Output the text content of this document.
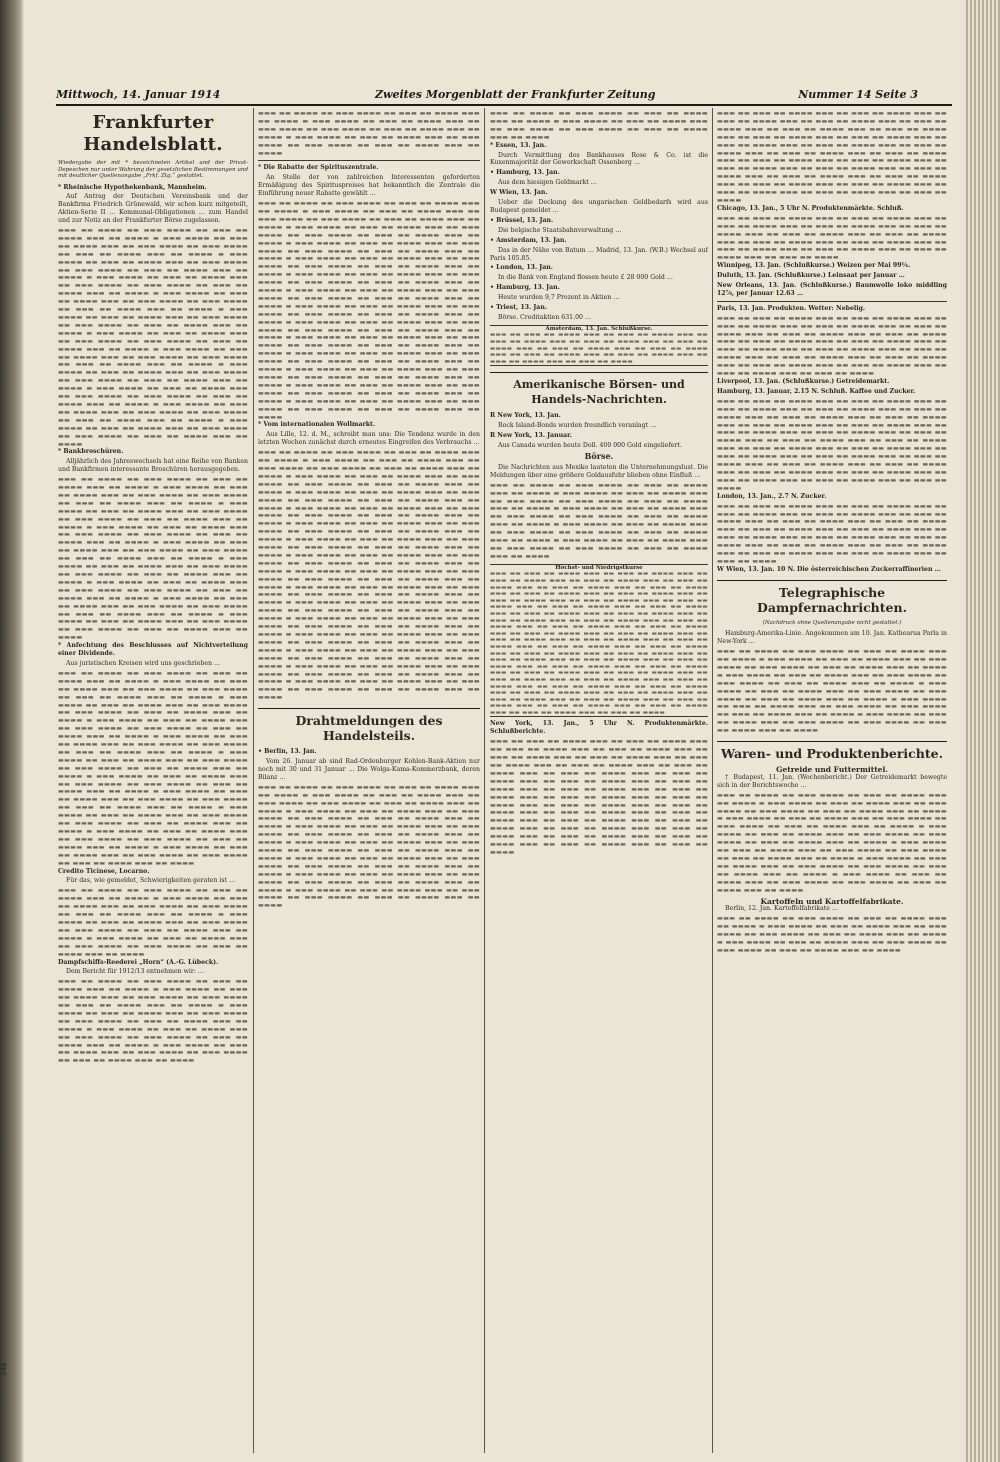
344
Mittwoch, 14. Januar 1914	Zweites Morgenblatt der Frankfurter Zeitung	Nummer 14 Seite 3
Frankfurter Handelsblatt.
Wiedergabe der mit * bezeichneten Artikel und der Privat-Depeschen nur unter Wahrung der gesetzlichen Bestimmungen und mit deutlicher Quellenangabe „Frkf. Ztg.“ gestattet.

* Rheinische Hypothekenbank, Mannheim.

Auf Antrag der Deutschen Vereinsbank und der Bankfirma Friedrich Grünewald, wir schon kurz mitgeteilt, Aktien-Serie II … Kommunal-Obligationen … zum Handel und zur Notiz an der Frankfurter Börse zugelassen.

▬▬▬ ▬▬ ▬▬▬▬ ▬▬ ▬▬▬ ▬▬▬▬ ▬▬ ▬▬▬ ▬▬ ▬▬▬▬ ▬▬▬ ▬▬ ▬▬▬▬ ▬ ▬▬▬ ▬▬▬▬ ▬▬ ▬▬▬ ▬▬ ▬▬▬▬ ▬▬▬ ▬▬ ▬▬▬ ▬▬▬▬ ▬▬ ▬▬▬ ▬▬▬▬ ▬▬ ▬▬▬ ▬▬ ▬▬▬▬ ▬▬▬ ▬▬ ▬▬▬▬ ▬ ▬▬▬ ▬▬▬▬ ▬▬ ▬▬▬ ▬▬ ▬▬▬▬ ▬▬▬ ▬▬ ▬▬▬ ▬▬▬▬ ▬▬ ▬▬▬ ▬▬▬▬ ▬▬ ▬▬▬ ▬▬ ▬▬▬▬ ▬▬▬ ▬▬ ▬▬▬▬ ▬ ▬▬▬ ▬▬▬▬ ▬▬ ▬▬▬ ▬▬ ▬▬▬▬ ▬▬▬ ▬▬ ▬▬▬ ▬▬▬▬ ▬▬ ▬▬▬ ▬▬▬▬ ▬▬ ▬▬▬ ▬▬ ▬▬▬▬ ▬▬▬ ▬▬ ▬▬▬▬ ▬ ▬▬▬ ▬▬▬▬ ▬▬ ▬▬▬ ▬▬ ▬▬▬▬ ▬▬▬ ▬▬ ▬▬▬ ▬▬▬▬ ▬▬ ▬▬▬ ▬▬▬▬ ▬▬ ▬▬▬ ▬▬ ▬▬▬▬ ▬▬▬ ▬▬ ▬▬▬▬ ▬ ▬▬▬ ▬▬▬▬ ▬▬ ▬▬▬ ▬▬ ▬▬▬▬ ▬▬▬ ▬▬ ▬▬▬ ▬▬▬▬ ▬▬ ▬▬▬ ▬▬▬▬ ▬▬ ▬▬▬ ▬▬ ▬▬▬▬ ▬▬▬ ▬▬ ▬▬▬▬ ▬ ▬▬▬ ▬▬▬▬ ▬▬ ▬▬▬ ▬▬ ▬▬▬▬ ▬▬▬ ▬▬ ▬▬▬ ▬▬▬▬ ▬▬ ▬▬▬ ▬▬▬▬ ▬▬ ▬▬▬ ▬▬ ▬▬▬▬ ▬▬▬ ▬▬ ▬▬▬▬ ▬ ▬▬▬ ▬▬▬▬ ▬▬ ▬▬▬ ▬▬ ▬▬▬▬ ▬▬▬ ▬▬ ▬▬▬ ▬▬▬▬ ▬▬ ▬▬▬ ▬▬▬▬ ▬▬ ▬▬▬ ▬▬ ▬▬▬▬ ▬▬▬ ▬▬ ▬▬▬▬ ▬ ▬▬▬ ▬▬▬▬ ▬▬ ▬▬▬ ▬▬ ▬▬▬▬ ▬▬▬ ▬▬ ▬▬▬ ▬▬▬▬ ▬▬ ▬▬▬ ▬▬▬▬ ▬▬ ▬▬▬ ▬▬ ▬▬▬▬ ▬▬▬ ▬▬ ▬▬▬▬ ▬ ▬▬▬ ▬▬▬▬ ▬▬ ▬▬▬ ▬▬ ▬▬▬▬ ▬▬▬ ▬▬ ▬▬▬ ▬▬▬▬ ▬▬ ▬▬▬ ▬▬▬▬ ▬▬ ▬▬▬ ▬▬ ▬▬▬▬ ▬▬▬ ▬▬ ▬▬▬▬ ▬ ▬▬▬ ▬▬▬▬ ▬▬ ▬▬▬ ▬▬ ▬▬▬▬ ▬▬▬ ▬▬ ▬▬▬ ▬▬▬▬ ▬▬ ▬▬▬ ▬▬▬▬ ▬▬ ▬▬▬ ▬▬ ▬▬▬▬ ▬▬▬ ▬▬ ▬▬▬▬ ▬ ▬▬▬ ▬▬▬▬ ▬▬ ▬▬▬ ▬▬ ▬▬▬▬ ▬▬▬ ▬▬ ▬▬▬ ▬▬▬▬ ▬▬ ▬▬▬ ▬▬▬▬ ▬▬ ▬▬▬ ▬▬ ▬▬▬▬ ▬▬▬ ▬▬ ▬▬▬▬

* Bankbroschüren.

Alljährlich des Jahreswechsels hat eine Reihe von Banken und Bankfirmen interessante Broschüren herausgegeben.

▬▬▬ ▬▬ ▬▬▬▬ ▬▬ ▬▬▬ ▬▬▬▬ ▬▬ ▬▬▬ ▬▬ ▬▬▬▬ ▬▬▬ ▬▬ ▬▬▬▬ ▬ ▬▬▬ ▬▬▬▬ ▬▬ ▬▬▬ ▬▬ ▬▬▬▬ ▬▬▬ ▬▬ ▬▬▬ ▬▬▬▬ ▬▬ ▬▬▬ ▬▬▬▬ ▬▬ ▬▬▬ ▬▬ ▬▬▬▬ ▬▬▬ ▬▬ ▬▬▬▬ ▬ ▬▬▬ ▬▬▬▬ ▬▬ ▬▬▬ ▬▬ ▬▬▬▬ ▬▬▬ ▬▬ ▬▬▬ ▬▬▬▬ ▬▬ ▬▬▬ ▬▬▬▬ ▬▬ ▬▬▬ ▬▬ ▬▬▬▬ ▬▬▬ ▬▬ ▬▬▬▬ ▬ ▬▬▬ ▬▬▬▬ ▬▬ ▬▬▬ ▬▬ ▬▬▬▬ ▬▬▬ ▬▬ ▬▬▬ ▬▬▬▬ ▬▬ ▬▬▬ ▬▬▬▬ ▬▬ ▬▬▬ ▬▬ ▬▬▬▬ ▬▬▬ ▬▬ ▬▬▬▬ ▬ ▬▬▬ ▬▬▬▬ ▬▬ ▬▬▬ ▬▬ ▬▬▬▬ ▬▬▬ ▬▬ ▬▬▬ ▬▬▬▬ ▬▬ ▬▬▬ ▬▬▬▬ ▬▬ ▬▬▬ ▬▬ ▬▬▬▬ ▬▬▬ ▬▬ ▬▬▬▬ ▬ ▬▬▬ ▬▬▬▬ ▬▬ ▬▬▬ ▬▬ ▬▬▬▬ ▬▬▬ ▬▬ ▬▬▬ ▬▬▬▬ ▬▬ ▬▬▬ ▬▬▬▬ ▬▬ ▬▬▬ ▬▬ ▬▬▬▬ ▬▬▬ ▬▬ ▬▬▬▬ ▬ ▬▬▬ ▬▬▬▬ ▬▬ ▬▬▬ ▬▬ ▬▬▬▬ ▬▬▬ ▬▬ ▬▬▬ ▬▬▬▬ ▬▬ ▬▬▬ ▬▬▬▬ ▬▬ ▬▬▬ ▬▬ ▬▬▬▬ ▬▬▬ ▬▬ ▬▬▬▬ ▬ ▬▬▬ ▬▬▬▬ ▬▬ ▬▬▬ ▬▬ ▬▬▬▬ ▬▬▬ ▬▬ ▬▬▬ ▬▬▬▬ ▬▬ ▬▬▬ ▬▬▬▬ ▬▬ ▬▬▬ ▬▬ ▬▬▬▬ ▬▬▬ ▬▬ ▬▬▬▬ ▬ ▬▬▬ ▬▬▬▬ ▬▬ ▬▬▬ ▬▬ ▬▬▬▬ ▬▬▬ ▬▬ ▬▬▬ ▬▬▬▬ ▬▬ ▬▬▬ ▬▬▬▬ ▬▬ ▬▬▬ ▬▬ ▬▬▬▬ ▬▬▬ ▬▬ ▬▬▬▬

* Anfechtung des Beschlusses auf Nichtverteilung einer Dividende.

Aus juristischen Kreisen wird uns geschrieben …

▬▬▬ ▬▬ ▬▬▬▬ ▬▬ ▬▬▬ ▬▬▬▬ ▬▬ ▬▬▬ ▬▬ ▬▬▬▬ ▬▬▬ ▬▬ ▬▬▬▬ ▬ ▬▬▬ ▬▬▬▬ ▬▬ ▬▬▬ ▬▬ ▬▬▬▬ ▬▬▬ ▬▬ ▬▬▬ ▬▬▬▬ ▬▬ ▬▬▬ ▬▬▬▬ ▬▬ ▬▬▬ ▬▬ ▬▬▬▬ ▬▬▬ ▬▬ ▬▬▬▬ ▬ ▬▬▬ ▬▬▬▬ ▬▬ ▬▬▬ ▬▬ ▬▬▬▬ ▬▬▬ ▬▬ ▬▬▬ ▬▬▬▬ ▬▬ ▬▬▬ ▬▬▬▬ ▬▬ ▬▬▬ ▬▬ ▬▬▬▬ ▬▬▬ ▬▬ ▬▬▬▬ ▬ ▬▬▬ ▬▬▬▬ ▬▬ ▬▬▬ ▬▬ ▬▬▬▬ ▬▬▬ ▬▬ ▬▬▬ ▬▬▬▬ ▬▬ ▬▬▬ ▬▬▬▬ ▬▬ ▬▬▬ ▬▬ ▬▬▬▬ ▬▬▬ ▬▬ ▬▬▬▬ ▬ ▬▬▬ ▬▬▬▬ ▬▬ ▬▬▬ ▬▬ ▬▬▬▬ ▬▬▬ ▬▬ ▬▬▬ ▬▬▬▬ ▬▬ ▬▬▬ ▬▬▬▬ ▬▬ ▬▬▬ ▬▬ ▬▬▬▬ ▬▬▬ ▬▬ ▬▬▬▬ ▬ ▬▬▬ ▬▬▬▬ ▬▬ ▬▬▬ ▬▬ ▬▬▬▬ ▬▬▬ ▬▬ ▬▬▬ ▬▬▬▬ ▬▬ ▬▬▬ ▬▬▬▬ ▬▬ ▬▬▬ ▬▬ ▬▬▬▬ ▬▬▬ ▬▬ ▬▬▬▬ ▬ ▬▬▬ ▬▬▬▬ ▬▬ ▬▬▬ ▬▬ ▬▬▬▬ ▬▬▬ ▬▬ ▬▬▬ ▬▬▬▬ ▬▬ ▬▬▬ ▬▬▬▬ ▬▬ ▬▬▬ ▬▬ ▬▬▬▬ ▬▬▬ ▬▬ ▬▬▬▬ ▬ ▬▬▬ ▬▬▬▬ ▬▬ ▬▬▬ ▬▬ ▬▬▬▬ ▬▬▬ ▬▬ ▬▬▬ ▬▬▬▬ ▬▬ ▬▬▬ ▬▬▬▬ ▬▬ ▬▬▬ ▬▬ ▬▬▬▬ ▬▬▬ ▬▬ ▬▬▬▬ ▬ ▬▬▬ ▬▬▬▬ ▬▬ ▬▬▬ ▬▬ ▬▬▬▬ ▬▬▬ ▬▬ ▬▬▬ ▬▬▬▬ ▬▬ ▬▬▬ ▬▬▬▬ ▬▬ ▬▬▬ ▬▬ ▬▬▬▬ ▬▬▬ ▬▬ ▬▬▬▬ ▬ ▬▬▬ ▬▬▬▬ ▬▬ ▬▬▬ ▬▬ ▬▬▬▬ ▬▬▬ ▬▬ ▬▬▬ ▬▬▬▬ ▬▬ ▬▬▬ ▬▬▬▬ ▬▬ ▬▬▬ ▬▬ ▬▬▬▬ ▬▬▬ ▬▬ ▬▬▬▬ ▬ ▬▬▬ ▬▬▬▬ ▬▬ ▬▬▬ ▬▬ ▬▬▬▬ ▬▬▬ ▬▬ ▬▬▬ ▬▬▬▬ ▬▬ ▬▬▬ ▬▬▬▬ ▬▬ ▬▬▬ ▬▬ ▬▬▬▬ ▬▬▬ ▬▬ ▬▬▬▬

Credito Ticinese, Locarno.

Für das, wie gemeldet, Schwierigkeiten geraten ist …

▬▬▬ ▬▬ ▬▬▬▬ ▬▬ ▬▬▬ ▬▬▬▬ ▬▬ ▬▬▬ ▬▬ ▬▬▬▬ ▬▬▬ ▬▬ ▬▬▬▬ ▬ ▬▬▬ ▬▬▬▬ ▬▬ ▬▬▬ ▬▬ ▬▬▬▬ ▬▬▬ ▬▬ ▬▬▬ ▬▬▬▬ ▬▬ ▬▬▬ ▬▬▬▬ ▬▬ ▬▬▬ ▬▬ ▬▬▬▬ ▬▬▬ ▬▬ ▬▬▬▬ ▬ ▬▬▬ ▬▬▬▬ ▬▬ ▬▬▬ ▬▬ ▬▬▬▬ ▬▬▬ ▬▬ ▬▬▬ ▬▬▬▬ ▬▬ ▬▬▬ ▬▬▬▬ ▬▬ ▬▬▬ ▬▬ ▬▬▬▬ ▬▬▬ ▬▬ ▬▬▬▬ ▬ ▬▬▬ ▬▬▬▬ ▬▬ ▬▬▬ ▬▬ ▬▬▬▬ ▬▬▬ ▬▬ ▬▬▬ ▬▬▬▬ ▬▬ ▬▬▬ ▬▬▬▬ ▬▬ ▬▬▬ ▬▬ ▬▬▬▬ ▬▬▬ ▬▬ ▬▬▬▬

Dampfschiffs-Reederei „Horn“ (A.-G. Lübeck).

Dem Bericht für 1912/13 entnehmen wir: …

▬▬▬ ▬▬ ▬▬▬▬ ▬▬ ▬▬▬ ▬▬▬▬ ▬▬ ▬▬▬ ▬▬ ▬▬▬▬ ▬▬▬ ▬▬ ▬▬▬▬ ▬ ▬▬▬ ▬▬▬▬ ▬▬ ▬▬▬ ▬▬ ▬▬▬▬ ▬▬▬ ▬▬ ▬▬▬ ▬▬▬▬ ▬▬ ▬▬▬ ▬▬▬▬ ▬▬ ▬▬▬ ▬▬ ▬▬▬▬ ▬▬▬ ▬▬ ▬▬▬▬ ▬ ▬▬▬ ▬▬▬▬ ▬▬ ▬▬▬ ▬▬ ▬▬▬▬ ▬▬▬ ▬▬ ▬▬▬ ▬▬▬▬ ▬▬ ▬▬▬ ▬▬▬▬ ▬▬ ▬▬▬ ▬▬ ▬▬▬▬ ▬▬▬ ▬▬ ▬▬▬▬ ▬ ▬▬▬ ▬▬▬▬ ▬▬ ▬▬▬ ▬▬ ▬▬▬▬ ▬▬▬ ▬▬ ▬▬▬ ▬▬▬▬ ▬▬ ▬▬▬ ▬▬▬▬ ▬▬ ▬▬▬ ▬▬ ▬▬▬▬ ▬▬▬ ▬▬ ▬▬▬▬ ▬ ▬▬▬ ▬▬▬▬ ▬▬ ▬▬▬ ▬▬ ▬▬▬▬ ▬▬▬ ▬▬ ▬▬▬ ▬▬▬▬ ▬▬ ▬▬▬ ▬▬▬▬ ▬▬ ▬▬▬ ▬▬ ▬▬▬▬ ▬▬▬ ▬▬ ▬▬▬▬
▬▬▬ ▬▬ ▬▬▬▬ ▬▬ ▬▬▬ ▬▬▬▬ ▬▬ ▬▬▬ ▬▬ ▬▬▬▬ ▬▬▬ ▬▬ ▬▬▬▬ ▬ ▬▬▬ ▬▬▬▬ ▬▬ ▬▬▬ ▬▬ ▬▬▬▬ ▬▬▬ ▬▬ ▬▬▬ ▬▬▬▬ ▬▬ ▬▬▬ ▬▬▬▬ ▬▬ ▬▬▬ ▬▬ ▬▬▬▬ ▬▬▬ ▬▬ ▬▬▬▬ ▬ ▬▬▬ ▬▬▬▬ ▬▬ ▬▬▬ ▬▬ ▬▬▬▬ ▬▬▬ ▬▬ ▬▬▬ ▬▬▬▬ ▬▬ ▬▬▬ ▬▬▬▬ ▬▬ ▬▬▬ ▬▬ ▬▬▬▬ ▬▬▬ ▬▬ ▬▬▬▬

* Die Rabatte der Spirituszentrale.

An Stelle der von zahlreichen Interessenten geforderten Ermäßigung des Spirituspreises hat bekanntlich die Zentrale die Einführung neuer Rabatte gewählt …

▬▬▬ ▬▬ ▬▬▬▬ ▬▬ ▬▬▬ ▬▬▬▬ ▬▬ ▬▬▬ ▬▬ ▬▬▬▬ ▬▬▬ ▬▬ ▬▬▬▬ ▬ ▬▬▬ ▬▬▬▬ ▬▬ ▬▬▬ ▬▬ ▬▬▬▬ ▬▬▬ ▬▬ ▬▬▬ ▬▬▬▬ ▬▬ ▬▬▬ ▬▬▬▬ ▬▬ ▬▬▬ ▬▬ ▬▬▬▬ ▬▬▬ ▬▬ ▬▬▬▬ ▬ ▬▬▬ ▬▬▬▬ ▬▬ ▬▬▬ ▬▬ ▬▬▬▬ ▬▬▬ ▬▬ ▬▬▬ ▬▬▬▬ ▬▬ ▬▬▬ ▬▬▬▬ ▬▬ ▬▬▬ ▬▬ ▬▬▬▬ ▬▬▬ ▬▬ ▬▬▬▬ ▬ ▬▬▬ ▬▬▬▬ ▬▬ ▬▬▬ ▬▬ ▬▬▬▬ ▬▬▬ ▬▬ ▬▬▬ ▬▬▬▬ ▬▬ ▬▬▬ ▬▬▬▬ ▬▬ ▬▬▬ ▬▬ ▬▬▬▬ ▬▬▬ ▬▬ ▬▬▬▬ ▬ ▬▬▬ ▬▬▬▬ ▬▬ ▬▬▬ ▬▬ ▬▬▬▬ ▬▬▬ ▬▬ ▬▬▬ ▬▬▬▬ ▬▬ ▬▬▬ ▬▬▬▬ ▬▬ ▬▬▬ ▬▬ ▬▬▬▬ ▬▬▬ ▬▬ ▬▬▬▬ ▬ ▬▬▬ ▬▬▬▬ ▬▬ ▬▬▬ ▬▬ ▬▬▬▬ ▬▬▬ ▬▬ ▬▬▬ ▬▬▬▬ ▬▬ ▬▬▬ ▬▬▬▬ ▬▬ ▬▬▬ ▬▬ ▬▬▬▬ ▬▬▬ ▬▬ ▬▬▬▬ ▬ ▬▬▬ ▬▬▬▬ ▬▬ ▬▬▬ ▬▬ ▬▬▬▬ ▬▬▬ ▬▬ ▬▬▬ ▬▬▬▬ ▬▬ ▬▬▬ ▬▬▬▬ ▬▬ ▬▬▬ ▬▬ ▬▬▬▬ ▬▬▬ ▬▬ ▬▬▬▬ ▬ ▬▬▬ ▬▬▬▬ ▬▬ ▬▬▬ ▬▬ ▬▬▬▬ ▬▬▬ ▬▬ ▬▬▬ ▬▬▬▬ ▬▬ ▬▬▬ ▬▬▬▬ ▬▬ ▬▬▬ ▬▬ ▬▬▬▬ ▬▬▬ ▬▬ ▬▬▬▬ ▬ ▬▬▬ ▬▬▬▬ ▬▬ ▬▬▬ ▬▬ ▬▬▬▬ ▬▬▬ ▬▬ ▬▬▬ ▬▬▬▬ ▬▬ ▬▬▬ ▬▬▬▬ ▬▬ ▬▬▬ ▬▬ ▬▬▬▬ ▬▬▬ ▬▬ ▬▬▬▬ ▬ ▬▬▬ ▬▬▬▬ ▬▬ ▬▬▬ ▬▬ ▬▬▬▬ ▬▬▬ ▬▬ ▬▬▬ ▬▬▬▬ ▬▬ ▬▬▬ ▬▬▬▬ ▬▬ ▬▬▬ ▬▬ ▬▬▬▬ ▬▬▬ ▬▬ ▬▬▬▬ ▬ ▬▬▬ ▬▬▬▬ ▬▬ ▬▬▬ ▬▬ ▬▬▬▬ ▬▬▬ ▬▬ ▬▬▬ ▬▬▬▬ ▬▬ ▬▬▬ ▬▬▬▬ ▬▬ ▬▬▬ ▬▬ ▬▬▬▬ ▬▬▬ ▬▬ ▬▬▬▬ ▬ ▬▬▬ ▬▬▬▬ ▬▬ ▬▬▬ ▬▬ ▬▬▬▬ ▬▬▬ ▬▬ ▬▬▬ ▬▬▬▬ ▬▬ ▬▬▬ ▬▬▬▬ ▬▬ ▬▬▬ ▬▬ ▬▬▬▬ ▬▬▬ ▬▬ ▬▬▬▬ ▬ ▬▬▬ ▬▬▬▬ ▬▬ ▬▬▬ ▬▬ ▬▬▬▬ ▬▬▬ ▬▬ ▬▬▬ ▬▬▬▬ ▬▬ ▬▬▬ ▬▬▬▬ ▬▬ ▬▬▬ ▬▬ ▬▬▬▬ ▬▬▬ ▬▬ ▬▬▬▬ ▬ ▬▬▬ ▬▬▬▬ ▬▬ ▬▬▬ ▬▬ ▬▬▬▬ ▬▬▬ ▬▬ ▬▬▬ ▬▬▬▬ ▬▬ ▬▬▬ ▬▬▬▬ ▬▬ ▬▬▬ ▬▬ ▬▬▬▬ ▬▬▬ ▬▬ ▬▬▬▬

* Vom internationalen Wollmarkt.

Aus Lille, 12. d. M., schreibt man uns: Die Tendenz wurde in den letzten Wochen zunächst durch erneutes Eingreifen des Verbrauchs …

▬▬▬ ▬▬ ▬▬▬▬ ▬▬ ▬▬▬ ▬▬▬▬ ▬▬ ▬▬▬ ▬▬ ▬▬▬▬ ▬▬▬ ▬▬ ▬▬▬▬ ▬ ▬▬▬ ▬▬▬▬ ▬▬ ▬▬▬ ▬▬ ▬▬▬▬ ▬▬▬ ▬▬ ▬▬▬ ▬▬▬▬ ▬▬ ▬▬▬ ▬▬▬▬ ▬▬ ▬▬▬ ▬▬ ▬▬▬▬ ▬▬▬ ▬▬ ▬▬▬▬ ▬ ▬▬▬ ▬▬▬▬ ▬▬ ▬▬▬ ▬▬ ▬▬▬▬ ▬▬▬ ▬▬ ▬▬▬ ▬▬▬▬ ▬▬ ▬▬▬ ▬▬▬▬ ▬▬ ▬▬▬ ▬▬ ▬▬▬▬ ▬▬▬ ▬▬ ▬▬▬▬ ▬ ▬▬▬ ▬▬▬▬ ▬▬ ▬▬▬ ▬▬ ▬▬▬▬ ▬▬▬ ▬▬ ▬▬▬ ▬▬▬▬ ▬▬ ▬▬▬ ▬▬▬▬ ▬▬ ▬▬▬ ▬▬ ▬▬▬▬ ▬▬▬ ▬▬ ▬▬▬▬ ▬ ▬▬▬ ▬▬▬▬ ▬▬ ▬▬▬ ▬▬ ▬▬▬▬ ▬▬▬ ▬▬ ▬▬▬ ▬▬▬▬ ▬▬ ▬▬▬ ▬▬▬▬ ▬▬ ▬▬▬ ▬▬ ▬▬▬▬ ▬▬▬ ▬▬ ▬▬▬▬ ▬ ▬▬▬ ▬▬▬▬ ▬▬ ▬▬▬ ▬▬ ▬▬▬▬ ▬▬▬ ▬▬ ▬▬▬ ▬▬▬▬ ▬▬ ▬▬▬ ▬▬▬▬ ▬▬ ▬▬▬ ▬▬ ▬▬▬▬ ▬▬▬ ▬▬ ▬▬▬▬ ▬ ▬▬▬ ▬▬▬▬ ▬▬ ▬▬▬ ▬▬ ▬▬▬▬ ▬▬▬ ▬▬ ▬▬▬ ▬▬▬▬ ▬▬ ▬▬▬ ▬▬▬▬ ▬▬ ▬▬▬ ▬▬ ▬▬▬▬ ▬▬▬ ▬▬ ▬▬▬▬ ▬ ▬▬▬ ▬▬▬▬ ▬▬ ▬▬▬ ▬▬ ▬▬▬▬ ▬▬▬ ▬▬ ▬▬▬ ▬▬▬▬ ▬▬ ▬▬▬ ▬▬▬▬ ▬▬ ▬▬▬ ▬▬ ▬▬▬▬ ▬▬▬ ▬▬ ▬▬▬▬ ▬ ▬▬▬ ▬▬▬▬ ▬▬ ▬▬▬ ▬▬ ▬▬▬▬ ▬▬▬ ▬▬ ▬▬▬ ▬▬▬▬ ▬▬ ▬▬▬ ▬▬▬▬ ▬▬ ▬▬▬ ▬▬ ▬▬▬▬ ▬▬▬ ▬▬ ▬▬▬▬ ▬ ▬▬▬ ▬▬▬▬ ▬▬ ▬▬▬ ▬▬ ▬▬▬▬ ▬▬▬ ▬▬ ▬▬▬ ▬▬▬▬ ▬▬ ▬▬▬ ▬▬▬▬ ▬▬ ▬▬▬ ▬▬ ▬▬▬▬ ▬▬▬ ▬▬ ▬▬▬▬ ▬ ▬▬▬ ▬▬▬▬ ▬▬ ▬▬▬ ▬▬ ▬▬▬▬ ▬▬▬ ▬▬ ▬▬▬ ▬▬▬▬ ▬▬ ▬▬▬ ▬▬▬▬ ▬▬ ▬▬▬ ▬▬ ▬▬▬▬ ▬▬▬ ▬▬ ▬▬▬▬ ▬ ▬▬▬ ▬▬▬▬ ▬▬ ▬▬▬ ▬▬ ▬▬▬▬ ▬▬▬ ▬▬ ▬▬▬ ▬▬▬▬ ▬▬ ▬▬▬ ▬▬▬▬ ▬▬ ▬▬▬ ▬▬ ▬▬▬▬ ▬▬▬ ▬▬ ▬▬▬▬ ▬ ▬▬▬ ▬▬▬▬ ▬▬ ▬▬▬ ▬▬ ▬▬▬▬ ▬▬▬ ▬▬ ▬▬▬ ▬▬▬▬ ▬▬ ▬▬▬ ▬▬▬▬ ▬▬ ▬▬▬ ▬▬ ▬▬▬▬ ▬▬▬ ▬▬ ▬▬▬▬ ▬ ▬▬▬ ▬▬▬▬ ▬▬ ▬▬▬ ▬▬ ▬▬▬▬ ▬▬▬ ▬▬ ▬▬▬ ▬▬▬▬ ▬▬ ▬▬▬ ▬▬▬▬ ▬▬ ▬▬▬ ▬▬ ▬▬▬▬ ▬▬▬ ▬▬ ▬▬▬▬ ▬ ▬▬▬ ▬▬▬▬ ▬▬ ▬▬▬ ▬▬ ▬▬▬▬ ▬▬▬ ▬▬ ▬▬▬ ▬▬▬▬ ▬▬ ▬▬▬ ▬▬▬▬ ▬▬ ▬▬▬ ▬▬ ▬▬▬▬ ▬▬▬ ▬▬ ▬▬▬▬ ▬ ▬▬▬ ▬▬▬▬ ▬▬ ▬▬▬ ▬▬ ▬▬▬▬ ▬▬▬ ▬▬ ▬▬▬ ▬▬▬▬ ▬▬ ▬▬▬ ▬▬▬▬ ▬▬ ▬▬▬ ▬▬ ▬▬▬▬ ▬▬▬ ▬▬ ▬▬▬▬
Drahtmeldungen des Handelsteils.

• Berlin, 13. Jan.

Vom 26. Januar ab sind Rad-Ordenburger Kohlen-Bank-Aktien nur noch mit 30 und 31 Januar … Die Wolga-Kama-Kommerzbank, deren Bilanz …

▬▬▬ ▬▬ ▬▬▬▬ ▬▬ ▬▬▬ ▬▬▬▬ ▬▬ ▬▬▬ ▬▬ ▬▬▬▬ ▬▬▬ ▬▬ ▬▬▬▬ ▬ ▬▬▬ ▬▬▬▬ ▬▬ ▬▬▬ ▬▬ ▬▬▬▬ ▬▬▬ ▬▬ ▬▬▬ ▬▬▬▬ ▬▬ ▬▬▬ ▬▬▬▬ ▬▬ ▬▬▬ ▬▬ ▬▬▬▬ ▬▬▬ ▬▬ ▬▬▬▬ ▬ ▬▬▬ ▬▬▬▬ ▬▬ ▬▬▬ ▬▬ ▬▬▬▬ ▬▬▬ ▬▬ ▬▬▬ ▬▬▬▬ ▬▬ ▬▬▬ ▬▬▬▬ ▬▬ ▬▬▬ ▬▬ ▬▬▬▬ ▬▬▬ ▬▬ ▬▬▬▬ ▬ ▬▬▬ ▬▬▬▬ ▬▬ ▬▬▬ ▬▬ ▬▬▬▬ ▬▬▬ ▬▬ ▬▬▬ ▬▬▬▬ ▬▬ ▬▬▬ ▬▬▬▬ ▬▬ ▬▬▬ ▬▬ ▬▬▬▬ ▬▬▬ ▬▬ ▬▬▬▬ ▬ ▬▬▬ ▬▬▬▬ ▬▬ ▬▬▬ ▬▬ ▬▬▬▬ ▬▬▬ ▬▬ ▬▬▬ ▬▬▬▬ ▬▬ ▬▬▬ ▬▬▬▬ ▬▬ ▬▬▬ ▬▬ ▬▬▬▬ ▬▬▬ ▬▬ ▬▬▬▬ ▬ ▬▬▬ ▬▬▬▬ ▬▬ ▬▬▬ ▬▬ ▬▬▬▬ ▬▬▬ ▬▬ ▬▬▬ ▬▬▬▬ ▬▬ ▬▬▬ ▬▬▬▬ ▬▬ ▬▬▬ ▬▬ ▬▬▬▬ ▬▬▬ ▬▬ ▬▬▬▬ ▬ ▬▬▬ ▬▬▬▬ ▬▬ ▬▬▬ ▬▬ ▬▬▬▬ ▬▬▬ ▬▬ ▬▬▬ ▬▬▬▬ ▬▬ ▬▬▬ ▬▬▬▬ ▬▬ ▬▬▬ ▬▬ ▬▬▬▬ ▬▬▬ ▬▬ ▬▬▬▬ ▬ ▬▬▬ ▬▬▬▬ ▬▬ ▬▬▬ ▬▬ ▬▬▬▬ ▬▬▬ ▬▬ ▬▬▬ ▬▬▬▬ ▬▬ ▬▬▬ ▬▬▬▬ ▬▬ ▬▬▬ ▬▬ ▬▬▬▬ ▬▬▬ ▬▬ ▬▬▬▬
▬▬▬ ▬▬ ▬▬▬▬ ▬▬ ▬▬▬ ▬▬▬▬ ▬▬ ▬▬▬ ▬▬ ▬▬▬▬ ▬▬▬ ▬▬ ▬▬▬▬ ▬ ▬▬▬ ▬▬▬▬ ▬▬ ▬▬▬ ▬▬ ▬▬▬▬ ▬▬▬ ▬▬ ▬▬▬ ▬▬▬▬ ▬▬ ▬▬▬ ▬▬▬▬ ▬▬ ▬▬▬ ▬▬ ▬▬▬▬ ▬▬▬ ▬▬ ▬▬▬▬

* Essen, 13. Jan.

Durch Vermittlung des Bankhauses Rose & Co. ist die Kuxenmajorität der Gewerkschaft Ossenberg …

• Hamburg, 13. Jan.

Aus dem hiesigen Geldmarkt …

W Wien, 13. Jan.

Ueber die Deckung des ungarischen Geldbedarfs wird aus Budapest gemeldet …

• Brüssel, 13. Jan.

Die belgische Staatsbahnverwaltung …

• Amsterdam, 13. Jan.

Das in der Nähe von Batum … Madrid, 13. Jan. (W.B.) Wechsel auf Paris 105.85.

• London, 13. Jan.

In die Bank von England flossen heute £ 28 000 Gold …

• Hamburg, 13. Jan.

Heute wurden 9,7 Prozent in Aktien …

• Triest, 13. Jan.

Börse. Creditaktien 631.00 …

Amsterdam, 13. Jan. Schlußkurse.
▬▬▬ ▬▬ ▬▬▬ ▬▬ ▬▬▬▬ ▬▬▬ ▬▬ ▬▬▬ ▬▬ ▬▬▬▬ ▬▬▬ ▬▬ ▬▬▬ ▬▬ ▬▬▬▬ ▬▬▬ ▬▬ ▬▬▬ ▬▬ ▬▬▬▬ ▬▬▬ ▬▬ ▬▬▬ ▬▬ ▬▬▬▬ ▬▬▬ ▬▬ ▬▬▬ ▬▬ ▬▬▬▬ ▬▬▬ ▬▬ ▬▬▬ ▬▬ ▬▬▬▬ ▬▬▬ ▬▬ ▬▬▬ ▬▬ ▬▬▬▬ ▬▬▬ ▬▬ ▬▬▬ ▬▬ ▬▬▬▬ ▬▬▬ ▬▬ ▬▬▬ ▬▬ ▬▬▬▬ ▬▬▬ ▬▬ ▬▬▬ ▬▬ ▬▬▬▬
Amerikanische Börsen- und Handels-Nachrichten.

R New York, 13. Jan.

Rock Island-Bonds wurden freundlich veranlagt …

R New York, 13. Januar.

Aus Canada wurden heute Doll. 400 000 Gold eingeliefert.

Börse.

Die Nachrichten aus Mexiko lauteten die Unternehmungslust. Die Meldungen über eine größere Goldausfuhr blieben ohne Einfluß …

▬▬▬ ▬▬ ▬▬▬▬ ▬▬ ▬▬▬ ▬▬▬▬ ▬▬ ▬▬▬ ▬▬ ▬▬▬▬ ▬▬▬ ▬▬ ▬▬▬▬ ▬ ▬▬▬ ▬▬▬▬ ▬▬ ▬▬▬ ▬▬ ▬▬▬▬ ▬▬▬ ▬▬ ▬▬▬ ▬▬▬▬ ▬▬ ▬▬▬ ▬▬▬▬ ▬▬ ▬▬▬ ▬▬ ▬▬▬▬ ▬▬▬ ▬▬ ▬▬▬▬ ▬ ▬▬▬ ▬▬▬▬ ▬▬ ▬▬▬ ▬▬ ▬▬▬▬ ▬▬▬ ▬▬ ▬▬▬ ▬▬▬▬ ▬▬ ▬▬▬ ▬▬▬▬ ▬▬ ▬▬▬ ▬▬ ▬▬▬▬ ▬▬▬ ▬▬ ▬▬▬▬ ▬ ▬▬▬ ▬▬▬▬ ▬▬ ▬▬▬ ▬▬ ▬▬▬▬ ▬▬▬ ▬▬ ▬▬▬ ▬▬▬▬ ▬▬ ▬▬▬ ▬▬▬▬ ▬▬ ▬▬▬ ▬▬ ▬▬▬▬ ▬▬▬ ▬▬ ▬▬▬▬ ▬ ▬▬▬ ▬▬▬▬ ▬▬ ▬▬▬ ▬▬ ▬▬▬▬ ▬▬▬ ▬▬ ▬▬▬ ▬▬▬▬ ▬▬ ▬▬▬ ▬▬▬▬ ▬▬ ▬▬▬ ▬▬ ▬▬▬▬ ▬▬▬ ▬▬ ▬▬▬▬
Höchst- und Niedrigstkurse
▬▬▬ ▬▬ ▬▬▬ ▬▬ ▬▬▬▬ ▬▬▬ ▬▬ ▬▬▬ ▬▬ ▬▬▬▬ ▬▬▬ ▬▬ ▬▬▬ ▬▬ ▬▬▬▬ ▬▬▬ ▬▬ ▬▬▬ ▬▬ ▬▬▬▬ ▬▬▬ ▬▬ ▬▬▬ ▬▬ ▬▬▬▬ ▬▬▬ ▬▬ ▬▬▬ ▬▬ ▬▬▬▬ ▬▬▬ ▬▬ ▬▬▬ ▬▬ ▬▬▬▬ ▬▬▬ ▬▬ ▬▬▬ ▬▬ ▬▬▬▬ ▬▬▬ ▬▬ ▬▬▬ ▬▬ ▬▬▬▬ ▬▬▬ ▬▬ ▬▬▬ ▬▬ ▬▬▬▬ ▬▬▬ ▬▬ ▬▬▬ ▬▬ ▬▬▬▬ ▬▬▬ ▬▬ ▬▬▬ ▬▬ ▬▬▬▬ ▬▬▬ ▬▬ ▬▬▬ ▬▬ ▬▬▬▬ ▬▬▬ ▬▬ ▬▬▬ ▬▬ ▬▬▬▬ ▬▬▬ ▬▬ ▬▬▬ ▬▬ ▬▬▬▬ ▬▬▬ ▬▬ ▬▬▬ ▬▬ ▬▬▬▬ ▬▬▬ ▬▬ ▬▬▬ ▬▬ ▬▬▬▬ ▬▬▬ ▬▬ ▬▬▬ ▬▬ ▬▬▬▬ ▬▬▬ ▬▬ ▬▬▬ ▬▬ ▬▬▬▬ ▬▬▬ ▬▬ ▬▬▬ ▬▬ ▬▬▬▬ ▬▬▬ ▬▬ ▬▬▬ ▬▬ ▬▬▬▬ ▬▬▬ ▬▬ ▬▬▬ ▬▬ ▬▬▬▬ ▬▬▬ ▬▬ ▬▬▬ ▬▬ ▬▬▬▬ ▬▬▬ ▬▬ ▬▬▬ ▬▬ ▬▬▬▬ ▬▬▬ ▬▬ ▬▬▬ ▬▬ ▬▬▬▬ ▬▬▬ ▬▬ ▬▬▬ ▬▬ ▬▬▬▬ ▬▬▬ ▬▬ ▬▬▬ ▬▬ ▬▬▬▬ ▬▬▬ ▬▬ ▬▬▬ ▬▬ ▬▬▬▬ ▬▬▬ ▬▬ ▬▬▬ ▬▬ ▬▬▬▬ ▬▬▬ ▬▬ ▬▬▬ ▬▬ ▬▬▬▬ ▬▬▬ ▬▬ ▬▬▬ ▬▬ ▬▬▬▬ ▬▬▬ ▬▬ ▬▬▬ ▬▬ ▬▬▬▬ ▬▬▬ ▬▬ ▬▬▬ ▬▬ ▬▬▬▬ ▬▬▬ ▬▬ ▬▬▬ ▬▬ ▬▬▬▬ ▬▬▬ ▬▬ ▬▬▬ ▬▬ ▬▬▬▬ ▬▬▬ ▬▬ ▬▬▬ ▬▬ ▬▬▬▬ ▬▬▬ ▬▬ ▬▬▬ ▬▬ ▬▬▬▬ ▬▬▬ ▬▬ ▬▬▬ ▬▬ ▬▬▬▬ ▬▬▬ ▬▬ ▬▬▬ ▬▬ ▬▬▬▬ ▬▬▬ ▬▬ ▬▬▬ ▬▬ ▬▬▬▬ ▬▬▬ ▬▬ ▬▬▬ ▬▬ ▬▬▬▬ ▬▬▬ ▬▬ ▬▬▬ ▬▬ ▬▬▬▬ ▬▬▬ ▬▬ ▬▬▬ ▬▬ ▬▬▬▬ ▬▬▬ ▬▬ ▬▬▬ ▬▬ ▬▬▬▬ ▬▬▬ ▬▬ ▬▬▬ ▬▬ ▬▬▬▬ ▬▬▬ ▬▬ ▬▬▬ ▬▬ ▬▬▬▬ ▬▬▬ ▬▬ ▬▬▬ ▬▬ ▬▬▬▬ ▬▬▬ ▬▬ ▬▬▬ ▬▬ ▬▬▬▬ ▬▬▬ ▬▬ ▬▬▬ ▬▬ ▬▬▬▬ ▬▬▬ ▬▬ ▬▬▬ ▬▬ ▬▬▬▬ ▬▬▬ ▬▬ ▬▬▬ ▬▬ ▬▬▬▬

New York, 13. Jan., 5 Uhr N. Produktenmärkte. Schlußberichte.

▬▬▬ ▬▬ ▬▬▬ ▬▬ ▬▬▬▬ ▬▬▬ ▬▬ ▬▬▬ ▬▬ ▬▬▬▬ ▬▬▬ ▬▬ ▬▬▬ ▬▬ ▬▬▬▬ ▬▬▬ ▬▬ ▬▬▬ ▬▬ ▬▬▬▬ ▬▬▬ ▬▬ ▬▬▬ ▬▬ ▬▬▬▬ ▬▬▬ ▬▬ ▬▬▬ ▬▬ ▬▬▬▬ ▬▬▬ ▬▬ ▬▬▬ ▬▬ ▬▬▬▬ ▬▬▬ ▬▬ ▬▬▬ ▬▬ ▬▬▬▬ ▬▬▬ ▬▬ ▬▬▬ ▬▬ ▬▬▬▬ ▬▬▬ ▬▬ ▬▬▬ ▬▬ ▬▬▬▬ ▬▬▬ ▬▬ ▬▬▬ ▬▬ ▬▬▬▬ ▬▬▬ ▬▬ ▬▬▬ ▬▬ ▬▬▬▬ ▬▬▬ ▬▬ ▬▬▬ ▬▬ ▬▬▬▬ ▬▬▬ ▬▬ ▬▬▬ ▬▬ ▬▬▬▬ ▬▬▬ ▬▬ ▬▬▬ ▬▬ ▬▬▬▬ ▬▬▬ ▬▬ ▬▬▬ ▬▬ ▬▬▬▬ ▬▬▬ ▬▬ ▬▬▬ ▬▬ ▬▬▬▬ ▬▬▬ ▬▬ ▬▬▬ ▬▬ ▬▬▬▬ ▬▬▬ ▬▬ ▬▬▬ ▬▬ ▬▬▬▬ ▬▬▬ ▬▬ ▬▬▬ ▬▬ ▬▬▬▬ ▬▬▬ ▬▬ ▬▬▬ ▬▬ ▬▬▬▬ ▬▬▬ ▬▬ ▬▬▬ ▬▬ ▬▬▬▬ ▬▬▬ ▬▬ ▬▬▬ ▬▬ ▬▬▬▬ ▬▬▬ ▬▬ ▬▬▬ ▬▬ ▬▬▬▬ ▬▬▬ ▬▬ ▬▬▬ ▬▬ ▬▬▬▬ ▬▬▬ ▬▬ ▬▬▬ ▬▬ ▬▬▬▬ ▬▬▬ ▬▬ ▬▬▬ ▬▬ ▬▬▬▬ ▬▬▬ ▬▬ ▬▬▬ ▬▬ ▬▬▬▬ ▬▬▬ ▬▬ ▬▬▬ ▬▬ ▬▬▬▬
▬▬▬ ▬▬ ▬▬▬ ▬▬ ▬▬▬▬ ▬▬▬ ▬▬ ▬▬▬ ▬▬ ▬▬▬▬ ▬▬▬ ▬▬ ▬▬▬ ▬▬ ▬▬▬▬ ▬▬▬ ▬▬ ▬▬▬ ▬▬ ▬▬▬▬ ▬▬▬ ▬▬ ▬▬▬ ▬▬ ▬▬▬▬ ▬▬▬ ▬▬ ▬▬▬ ▬▬ ▬▬▬▬ ▬▬▬ ▬▬ ▬▬▬ ▬▬ ▬▬▬▬ ▬▬▬ ▬▬ ▬▬▬ ▬▬ ▬▬▬▬ ▬▬▬ ▬▬ ▬▬▬ ▬▬ ▬▬▬▬ ▬▬▬ ▬▬ ▬▬▬ ▬▬ ▬▬▬▬ ▬▬▬ ▬▬ ▬▬▬ ▬▬ ▬▬▬▬ ▬▬▬ ▬▬ ▬▬▬ ▬▬ ▬▬▬▬ ▬▬▬ ▬▬ ▬▬▬ ▬▬ ▬▬▬▬ ▬▬▬ ▬▬ ▬▬▬ ▬▬ ▬▬▬▬ ▬▬▬ ▬▬ ▬▬▬ ▬▬ ▬▬▬▬ ▬▬▬ ▬▬ ▬▬▬ ▬▬ ▬▬▬▬ ▬▬▬ ▬▬ ▬▬▬ ▬▬ ▬▬▬▬ ▬▬▬ ▬▬ ▬▬▬ ▬▬ ▬▬▬▬ ▬▬▬ ▬▬ ▬▬▬ ▬▬ ▬▬▬▬ ▬▬▬ ▬▬ ▬▬▬ ▬▬ ▬▬▬▬ ▬▬▬ ▬▬ ▬▬▬ ▬▬ ▬▬▬▬ ▬▬▬ ▬▬ ▬▬▬ ▬▬ ▬▬▬▬ ▬▬▬ ▬▬ ▬▬▬ ▬▬ ▬▬▬▬ ▬▬▬ ▬▬ ▬▬▬ ▬▬ ▬▬▬▬ ▬▬▬ ▬▬ ▬▬▬ ▬▬ ▬▬▬▬ ▬▬▬ ▬▬ ▬▬▬ ▬▬ ▬▬▬▬

Chicago, 13. Jan., 5 Uhr N. Produktenmärkte. Schluß.

▬▬▬ ▬▬ ▬▬▬ ▬▬ ▬▬▬▬ ▬▬▬ ▬▬ ▬▬▬ ▬▬ ▬▬▬▬ ▬▬▬ ▬▬ ▬▬▬ ▬▬ ▬▬▬▬ ▬▬▬ ▬▬ ▬▬▬ ▬▬ ▬▬▬▬ ▬▬▬ ▬▬ ▬▬▬ ▬▬ ▬▬▬▬ ▬▬▬ ▬▬ ▬▬▬ ▬▬ ▬▬▬▬ ▬▬▬ ▬▬ ▬▬▬ ▬▬ ▬▬▬▬ ▬▬▬ ▬▬ ▬▬▬ ▬▬ ▬▬▬▬ ▬▬▬ ▬▬ ▬▬▬ ▬▬ ▬▬▬▬ ▬▬▬ ▬▬ ▬▬▬ ▬▬ ▬▬▬▬ ▬▬▬ ▬▬ ▬▬▬ ▬▬ ▬▬▬▬ ▬▬▬ ▬▬ ▬▬▬ ▬▬ ▬▬▬▬ ▬▬▬ ▬▬ ▬▬▬ ▬▬ ▬▬▬▬

Winnipeg, 13. Jan. (Schlußkurse.) Weizen per Mai 99¼.

Duluth, 13. Jan. (Schlußkurse.) Leinsaat per Januar …

New Orleans, 13. Jan. (Schlußkurse.) Baumwolle loko middling 12⅞, per Januar 12.63 …

Paris, 13. Jan. Produkten. Wetter: Nebelig.

▬▬▬ ▬▬ ▬▬▬ ▬▬ ▬▬▬▬ ▬▬▬ ▬▬ ▬▬▬ ▬▬ ▬▬▬▬ ▬▬▬ ▬▬ ▬▬▬ ▬▬ ▬▬▬▬ ▬▬▬ ▬▬ ▬▬▬ ▬▬ ▬▬▬▬ ▬▬▬ ▬▬ ▬▬▬ ▬▬ ▬▬▬▬ ▬▬▬ ▬▬ ▬▬▬ ▬▬ ▬▬▬▬ ▬▬▬ ▬▬ ▬▬▬ ▬▬ ▬▬▬▬ ▬▬▬ ▬▬ ▬▬▬ ▬▬ ▬▬▬▬ ▬▬▬ ▬▬ ▬▬▬ ▬▬ ▬▬▬▬ ▬▬▬ ▬▬ ▬▬▬ ▬▬ ▬▬▬▬ ▬▬▬ ▬▬ ▬▬▬ ▬▬ ▬▬▬▬ ▬▬▬ ▬▬ ▬▬▬ ▬▬ ▬▬▬▬ ▬▬▬ ▬▬ ▬▬▬ ▬▬ ▬▬▬▬ ▬▬▬ ▬▬ ▬▬▬ ▬▬ ▬▬▬▬ ▬▬▬ ▬▬ ▬▬▬ ▬▬ ▬▬▬▬ ▬▬▬ ▬▬ ▬▬▬ ▬▬ ▬▬▬▬ ▬▬▬ ▬▬ ▬▬▬ ▬▬ ▬▬▬▬ ▬▬▬ ▬▬ ▬▬▬ ▬▬ ▬▬▬▬

Liverpool, 13. Jan. (Schlußkurse.) Getreidemarkt.

Hamburg, 13. Januar, 2.15 N. Schluß. Kaffee und Zucker.

▬▬▬ ▬▬ ▬▬▬ ▬▬ ▬▬▬▬ ▬▬▬ ▬▬ ▬▬▬ ▬▬ ▬▬▬▬ ▬▬▬ ▬▬ ▬▬▬ ▬▬ ▬▬▬▬ ▬▬▬ ▬▬ ▬▬▬ ▬▬ ▬▬▬▬ ▬▬▬ ▬▬ ▬▬▬ ▬▬ ▬▬▬▬ ▬▬▬ ▬▬ ▬▬▬ ▬▬ ▬▬▬▬ ▬▬▬ ▬▬ ▬▬▬ ▬▬ ▬▬▬▬ ▬▬▬ ▬▬ ▬▬▬ ▬▬ ▬▬▬▬ ▬▬▬ ▬▬ ▬▬▬ ▬▬ ▬▬▬▬ ▬▬▬ ▬▬ ▬▬▬ ▬▬ ▬▬▬▬ ▬▬▬ ▬▬ ▬▬▬ ▬▬ ▬▬▬▬ ▬▬▬ ▬▬ ▬▬▬ ▬▬ ▬▬▬▬ ▬▬▬ ▬▬ ▬▬▬ ▬▬ ▬▬▬▬ ▬▬▬ ▬▬ ▬▬▬ ▬▬ ▬▬▬▬ ▬▬▬ ▬▬ ▬▬▬ ▬▬ ▬▬▬▬ ▬▬▬ ▬▬ ▬▬▬ ▬▬ ▬▬▬▬ ▬▬▬ ▬▬ ▬▬▬ ▬▬ ▬▬▬▬ ▬▬▬ ▬▬ ▬▬▬ ▬▬ ▬▬▬▬ ▬▬▬ ▬▬ ▬▬▬ ▬▬ ▬▬▬▬ ▬▬▬ ▬▬ ▬▬▬ ▬▬ ▬▬▬▬ ▬▬▬ ▬▬ ▬▬▬ ▬▬ ▬▬▬▬ ▬▬▬ ▬▬ ▬▬▬ ▬▬ ▬▬▬▬ ▬▬▬ ▬▬ ▬▬▬ ▬▬ ▬▬▬▬ ▬▬▬ ▬▬ ▬▬▬ ▬▬ ▬▬▬▬ ▬▬▬ ▬▬ ▬▬▬ ▬▬ ▬▬▬▬ ▬▬▬ ▬▬ ▬▬▬ ▬▬ ▬▬▬▬

London, 13. Jan., 2.7 N. Zucker.

▬▬▬ ▬▬ ▬▬▬ ▬▬ ▬▬▬▬ ▬▬▬ ▬▬ ▬▬▬ ▬▬ ▬▬▬▬ ▬▬▬ ▬▬ ▬▬▬ ▬▬ ▬▬▬▬ ▬▬▬ ▬▬ ▬▬▬ ▬▬ ▬▬▬▬ ▬▬▬ ▬▬ ▬▬▬ ▬▬ ▬▬▬▬ ▬▬▬ ▬▬ ▬▬▬ ▬▬ ▬▬▬▬ ▬▬▬ ▬▬ ▬▬▬ ▬▬ ▬▬▬▬ ▬▬▬ ▬▬ ▬▬▬ ▬▬ ▬▬▬▬ ▬▬▬ ▬▬ ▬▬▬ ▬▬ ▬▬▬▬ ▬▬▬ ▬▬ ▬▬▬ ▬▬ ▬▬▬▬ ▬▬▬ ▬▬ ▬▬▬ ▬▬ ▬▬▬▬ ▬▬▬ ▬▬ ▬▬▬ ▬▬ ▬▬▬▬ ▬▬▬ ▬▬ ▬▬▬ ▬▬ ▬▬▬▬ ▬▬▬ ▬▬ ▬▬▬ ▬▬ ▬▬▬▬ ▬▬▬ ▬▬ ▬▬▬ ▬▬ ▬▬▬▬ ▬▬▬ ▬▬ ▬▬▬ ▬▬ ▬▬▬▬ ▬▬▬ ▬▬ ▬▬▬ ▬▬ ▬▬▬▬

W Wien, 13. Jan. 10 N. Die österreichischen Zuckerraffinerien …

Telegraphische Dampfernachrichten.
(Nachdruck ohne Quellenangabe nicht gestattet.)

Hamburg-Amerika-Linie. Angekommen am 10. Jan. Kathearua Parla in New-York …

▬▬▬ ▬▬ ▬▬▬▬ ▬▬ ▬▬▬ ▬▬▬▬ ▬▬ ▬▬▬ ▬▬ ▬▬▬▬ ▬▬▬ ▬▬ ▬▬▬▬ ▬ ▬▬▬ ▬▬▬▬ ▬▬ ▬▬▬ ▬▬ ▬▬▬▬ ▬▬▬ ▬▬ ▬▬▬ ▬▬▬▬ ▬▬ ▬▬▬ ▬▬▬▬ ▬▬ ▬▬▬ ▬▬ ▬▬▬▬ ▬▬▬ ▬▬ ▬▬▬▬ ▬ ▬▬▬ ▬▬▬▬ ▬▬ ▬▬▬ ▬▬ ▬▬▬▬ ▬▬▬ ▬▬ ▬▬▬ ▬▬▬▬ ▬▬ ▬▬▬ ▬▬▬▬ ▬▬ ▬▬▬ ▬▬ ▬▬▬▬ ▬▬▬ ▬▬ ▬▬▬▬ ▬ ▬▬▬ ▬▬▬▬ ▬▬ ▬▬▬ ▬▬ ▬▬▬▬ ▬▬▬ ▬▬ ▬▬▬ ▬▬▬▬ ▬▬ ▬▬▬ ▬▬▬▬ ▬▬ ▬▬▬ ▬▬ ▬▬▬▬ ▬▬▬ ▬▬ ▬▬▬▬ ▬ ▬▬▬ ▬▬▬▬ ▬▬ ▬▬▬ ▬▬ ▬▬▬▬ ▬▬▬ ▬▬ ▬▬▬ ▬▬▬▬ ▬▬ ▬▬▬ ▬▬▬▬ ▬▬ ▬▬▬ ▬▬ ▬▬▬▬ ▬▬▬ ▬▬ ▬▬▬▬ ▬ ▬▬▬ ▬▬▬▬ ▬▬ ▬▬▬ ▬▬ ▬▬▬▬ ▬▬▬ ▬▬ ▬▬▬ ▬▬▬▬ ▬▬ ▬▬▬ ▬▬▬▬ ▬▬ ▬▬▬ ▬▬ ▬▬▬▬ ▬▬▬ ▬▬ ▬▬▬▬
Waren- und Produktenberichte.
Getreide und Futtermittel.

† Budapest, 11. Jan. (Wochenbericht.) Der Getreidemarkt bewegte sich in der Berichtswoche …

▬▬▬ ▬▬ ▬▬▬▬ ▬▬ ▬▬▬ ▬▬▬▬ ▬▬ ▬▬▬ ▬▬ ▬▬▬▬ ▬▬▬ ▬▬ ▬▬▬▬ ▬ ▬▬▬ ▬▬▬▬ ▬▬ ▬▬▬ ▬▬ ▬▬▬▬ ▬▬▬ ▬▬ ▬▬▬ ▬▬▬▬ ▬▬ ▬▬▬ ▬▬▬▬ ▬▬ ▬▬▬ ▬▬ ▬▬▬▬ ▬▬▬ ▬▬ ▬▬▬▬ ▬ ▬▬▬ ▬▬▬▬ ▬▬ ▬▬▬ ▬▬ ▬▬▬▬ ▬▬▬ ▬▬ ▬▬▬ ▬▬▬▬ ▬▬ ▬▬▬ ▬▬▬▬ ▬▬ ▬▬▬ ▬▬ ▬▬▬▬ ▬▬▬ ▬▬ ▬▬▬▬ ▬ ▬▬▬ ▬▬▬▬ ▬▬ ▬▬▬ ▬▬ ▬▬▬▬ ▬▬▬ ▬▬ ▬▬▬ ▬▬▬▬ ▬▬ ▬▬▬ ▬▬▬▬ ▬▬ ▬▬▬ ▬▬ ▬▬▬▬ ▬▬▬ ▬▬ ▬▬▬▬ ▬ ▬▬▬ ▬▬▬▬ ▬▬ ▬▬▬ ▬▬ ▬▬▬▬ ▬▬▬ ▬▬ ▬▬▬ ▬▬▬▬ ▬▬ ▬▬▬ ▬▬▬▬ ▬▬ ▬▬▬ ▬▬ ▬▬▬▬ ▬▬▬ ▬▬ ▬▬▬▬ ▬ ▬▬▬ ▬▬▬▬ ▬▬ ▬▬▬ ▬▬ ▬▬▬▬ ▬▬▬ ▬▬ ▬▬▬ ▬▬▬▬ ▬▬ ▬▬▬ ▬▬▬▬ ▬▬ ▬▬▬ ▬▬ ▬▬▬▬ ▬▬▬ ▬▬ ▬▬▬▬ ▬ ▬▬▬ ▬▬▬▬ ▬▬ ▬▬▬ ▬▬ ▬▬▬▬ ▬▬▬ ▬▬ ▬▬▬ ▬▬▬▬ ▬▬ ▬▬▬ ▬▬▬▬ ▬▬ ▬▬▬ ▬▬ ▬▬▬▬ ▬▬▬ ▬▬ ▬▬▬▬
Kartoffeln und Kartoffelfabrikate.

Berlin, 12. Jan. Kartoffelfabrikate …

▬▬▬ ▬▬ ▬▬▬▬ ▬▬ ▬▬▬ ▬▬▬▬ ▬▬ ▬▬▬ ▬▬ ▬▬▬▬ ▬▬▬ ▬▬ ▬▬▬▬ ▬ ▬▬▬ ▬▬▬▬ ▬▬ ▬▬▬ ▬▬ ▬▬▬▬ ▬▬▬ ▬▬ ▬▬▬ ▬▬▬▬ ▬▬ ▬▬▬ ▬▬▬▬ ▬▬ ▬▬▬ ▬▬ ▬▬▬▬ ▬▬▬ ▬▬ ▬▬▬▬ ▬ ▬▬▬ ▬▬▬▬ ▬▬ ▬▬▬ ▬▬ ▬▬▬▬ ▬▬▬ ▬▬ ▬▬▬ ▬▬▬▬ ▬▬ ▬▬▬ ▬▬▬▬ ▬▬ ▬▬▬ ▬▬ ▬▬▬▬ ▬▬▬ ▬▬ ▬▬▬▬
